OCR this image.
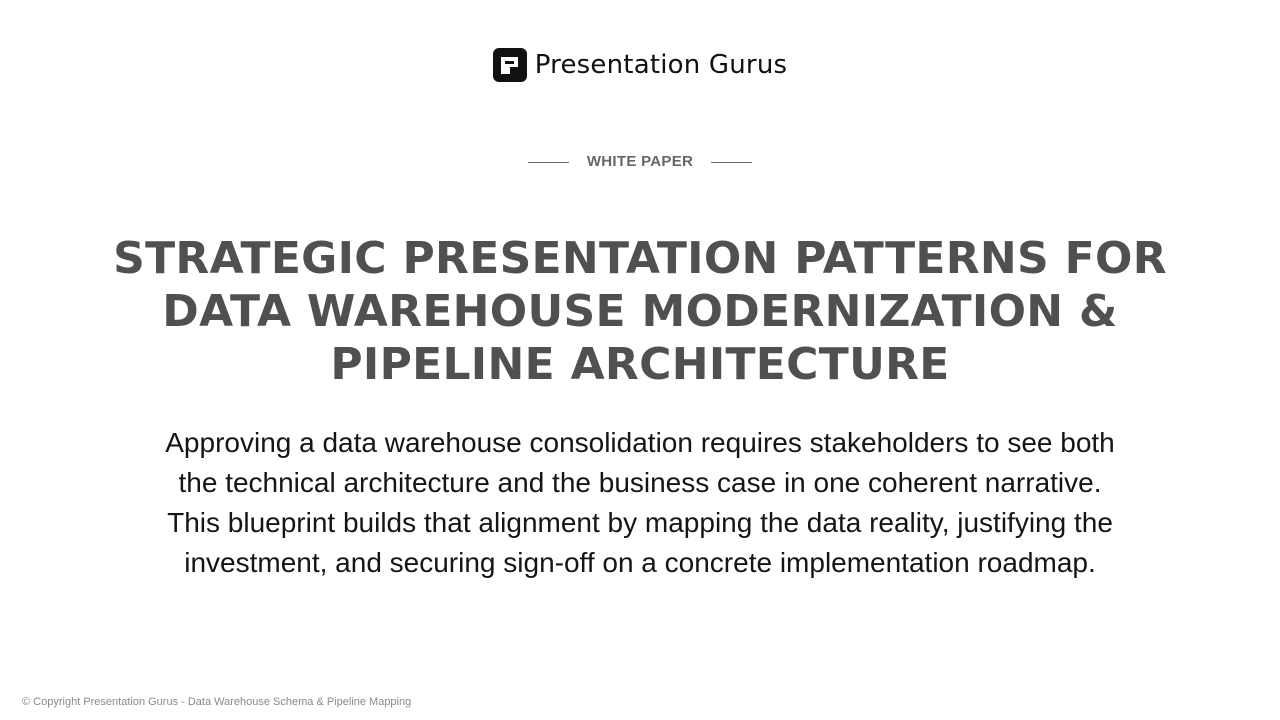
Presentation Gurus
WHITE PAPER
STRATEGIC PRESENTATION PATTERNS FOR DATA WAREHOUSE MODERNIZATION & PIPELINE ARCHITECTURE

Approving a data warehouse consolidation requires stakeholders to see both the technical architecture and the business case in one coherent narrative. This blueprint builds that alignment by mapping the data reality, justifying the investment, and securing sign-off on a concrete implementation roadmap.

© Copyright Presentation Gurus - Data Warehouse Schema & Pipeline Mapping
